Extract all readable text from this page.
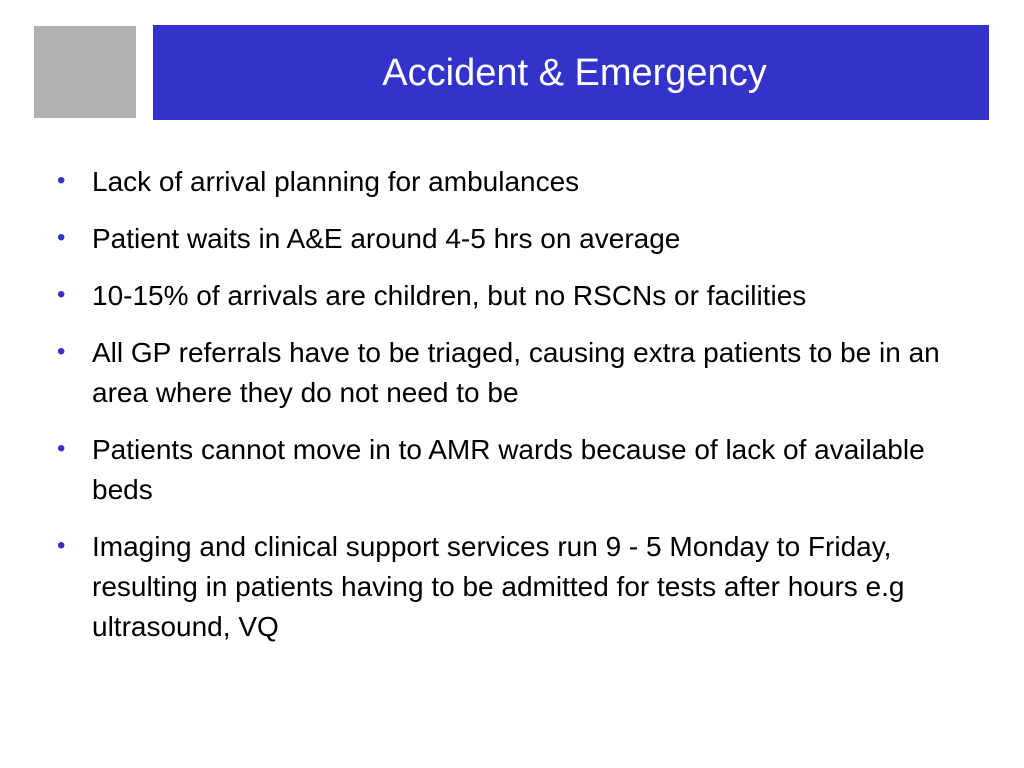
Accident & Emergency
• Lack of arrival planning for ambulances
• Patient waits in A&E around 4-5 hrs on average
• 10-15% of arrivals are children, but no RSCNs or facilities
• All GP referrals have to be triaged, causing extra patients to be in an area where they do not need to be
• Patients cannot move in to AMR wards because of lack of available beds
• Imaging and clinical support services run 9 - 5 Monday to Friday, resulting in patients having to be admitted for tests after hours e.g ultrasound, VQ
